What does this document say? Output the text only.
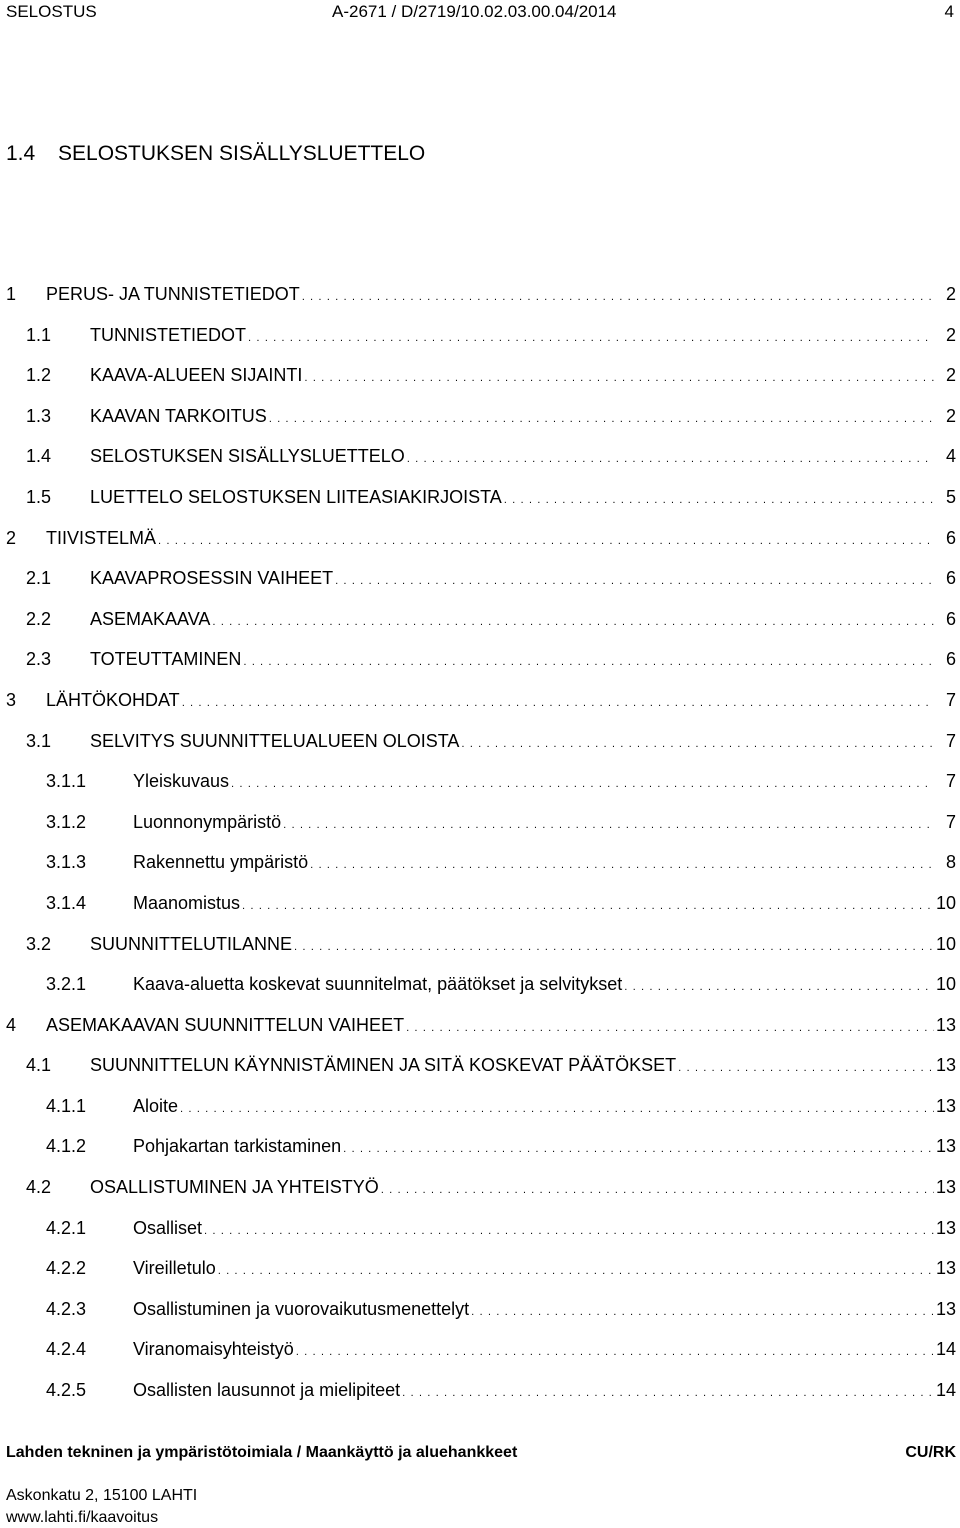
SELOSTUS	A-2671 / D/2719/10.02.03.00.04/2014	4
1.4 SELOSTUKSEN SISÄLLYSLUETTELO
1 PERUS- JA TUNNISTETIEDOT . . .	2
1.1 TUNNISTETIEDOT . . .	2
1.2 KAAVA-ALUEEN SIJAINTI . . .	2
1.3 KAAVAN TARKOITUS . . .	2
1.4 SELOSTUKSEN SISÄLLYSLUETTELO . . .	4
1.5 LUETTELO SELOSTUKSEN LIITEASIAKIRJOISTA . . .	5
2 TIIVISTELMÄ . . .	6
2.1 KAAVAPROSESSIN VAIHEET . . .	6
2.2 ASEMAKAAVA . . .	6
2.3 TOTEUTTAMINEN . . .	6
3 LÄHTÖKOHDAT . . .	7
3.1 SELVITYS SUUNNITTELUALUEEN OLOISTA . . .	7
3.1.1	Yleiskuvaus . . .	7
3.1.2	Luonnonympäristö . . .	7
3.1.3	Rakennettu ympäristö . . .	8
3.1.4	Maanomistus . . .	10
3.2 SUUNNITTELUTILANNE . . .	10
3.2.1	Kaava-aluetta koskevat suunnitelmat, päätökset ja selvitykset . . .	10
4 ASEMAKAAVAN SUUNNITTELUN VAIHEET . . .	13
4.1 SUUNNITTELUN KÄYNNISTÄMINEN JA SITÄ KOSKEVAT PÄÄTÖKSET . . .	13
4.1.1	Aloite . . .	13
4.1.2	Pohjakartan tarkistaminen . . .	13
4.2 OSALLISTUMINEN JA YHTEISTYÖ . . .	13
4.2.1	Osalliset . . .	13
4.2.2	Vireilletulo . . .	13
4.2.3	Osallistuminen ja vuorovaikutusmenettelyt . . .	13
4.2.4	Viranomaisyhteistyö . . .	14
4.2.5	Osallisten lausunnot ja mielipiteet . . .	14
Lahden tekninen ja ympäristötoimiala / Maankäyttö ja aluehankkeet	CU/RK
Askonkatu 2, 15100 LAHTI
www.lahti.fi/kaavoitus
